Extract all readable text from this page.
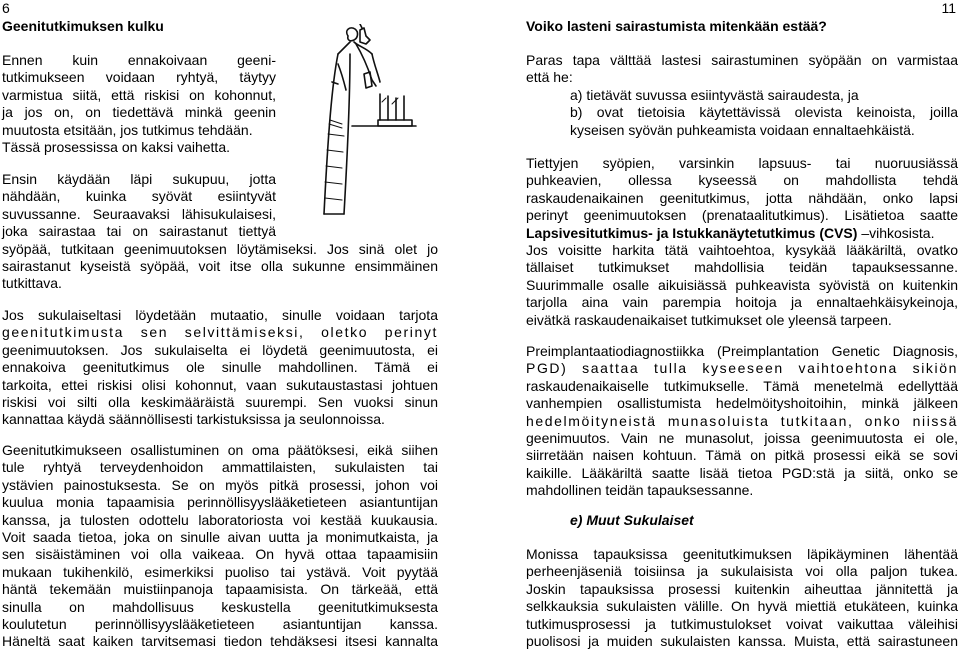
6	11
Geenitutkimuksen kulku
Ennen kuin ennakoivaan geeni-
tutkimukseen voidaan ryhtyä, täytyy
varmistua siitä, että riskisi on kohonnut,
ja jos on, on tiedettävä minkä geenin
muutosta etsitään, jos tutkimus tehdään.
Tässä prosessissa on kaksi vaihetta.
Ensin käydään läpi sukupuu, jotta
nähdään, kuinka syövät esiintyvät
suvussanne. Seuraavaksi lähisukulaisesi,
joka sairastaa tai on sairastanut tiettyä
syöpää, tutkitaan geenimuutoksen löytämiseksi. Jos sinä olet jo
sairastanut kyseistä syöpää, voit itse olla sukunne ensimmäinen
tutkittava.
Jos sukulaiseltasi löydetään mutaatio, sinulle voidaan tarjota
geenitutkimusta sen selvittämiseksi, oletko perinyt
geenimuutoksen. Jos sukulaiselta ei löydetä geenimuutosta, ei
ennakoiva geenitutkimus ole sinulle mahdollinen. Tämä ei
tarkoita, ettei riskisi olisi kohonnut, vaan sukutaustastasi johtuen
riskisi voi silti olla keskimääräistä suurempi. Sen vuoksi sinun
kannattaa käydä säännöllisesti tarkistuksissa ja seulonnoissa.
Geenitutkimukseen osallistuminen on oma päätöksesi, eikä siihen
tule ryhtyä terveydenhoidon ammattilaisten, sukulaisten tai
ystävien painostuksesta. Se on myös pitkä prosessi, johon voi
kuulua monia tapaamisia perinnöllisyyslääketieteen asiantuntijan
kanssa, ja tulosten odottelu laboratoriosta voi kestää kuukausia.
Voit saada tietoa, joka on sinulle aivan uutta ja monimutkaista, ja
sen sisäistäminen voi olla vaikeaa. On hyvä ottaa tapaamisiin
mukaan tukihenkilö, esimerkiksi puoliso tai ystävä. Voit pyytää
häntä tekemään muistiinpanoja tapaamisista. On tärkeää, että
sinulla on mahdollisuus keskustella geenitutkimuksesta
koulutetun perinnöllisyyslääketieteen asiantuntijan kanssa.
Häneltä saat kaiken tarvitsemasi tiedon tehdäksesi itsesi kannalta
Voiko lasteni sairastumista mitenkään estää?
Paras tapa välttää lastesi sairastuminen syöpään on varmistaa
että he:
a) tietävät suvussa esiintyvästä sairaudesta, ja
b) ovat tietoisia käytettävissä olevista keinoista, joilla
kyseisen syövän puhkeamista voidaan ennaltaehkäistä.
Tiettyjen syöpien, varsinkin lapsuus- tai nuoruusiässä
puhkeavien, ollessa kyseessä on mahdollista tehdä
raskaudenaikainen geenitutkimus, jotta nähdään, onko lapsi
perinyt geenimuutoksen (prenataalitutkimus). Lisätietoa saatte
Lapsivesitutkimus- ja Istukkanäytetutkimus (CVS) –vihkosista.
Jos voisitte harkita tätä vaihtoehtoa, kysykää lääkäriltä, ovatko
tällaiset tutkimukset mahdollisia teidän tapauksessanne.
Suurimmalle osalle aikuisiässä puhkeavista syövistä on kuitenkin
tarjolla aina vain parempia hoitoja ja ennaltaehkäisykeinoja,
eivätkä raskaudenaikaiset tutkimukset ole yleensä tarpeen.
Preimplantaatiodiagnostiikka (Preimplantation Genetic Diagnosis,
PGD) saattaa tulla kyseeseen vaihtoehtona sikiön
raskaudenaikaiselle tutkimukselle. Tämä menetelmä edellyttää
vanhempien osallistumista hedelmöityshoitoihin, minkä jälkeen
hedelmöityneistä munasoluista tutkitaan, onko niissä
geenimuutos. Vain ne munasolut, joissa geenimuutosta ei ole,
siirretään naisen kohtuun. Tämä on pitkä prosessi eikä se sovi
kaikille. Lääkäriltä saatte lisää tietoa PGD:stä ja siitä, onko se
mahdollinen teidän tapauksessanne.
e) Muut Sukulaiset
Monissa tapauksissa geenitutkimuksen läpikäyminen lähentää
perheenjäseniä toisiinsa ja sukulaisista voi olla paljon tukea.
Joskin tapauksissa prosessi kuitenkin aiheuttaa jännitettä ja
selkkauksia sukulaisten välille. On hyvä miettiä etukäteen, kuinka
tutkimusprosessi ja tutkimustulokset voivat vaikuttaa väleihisi
puolisosi ja muiden sukulaisten kanssa. Muista, että sairastuneen
